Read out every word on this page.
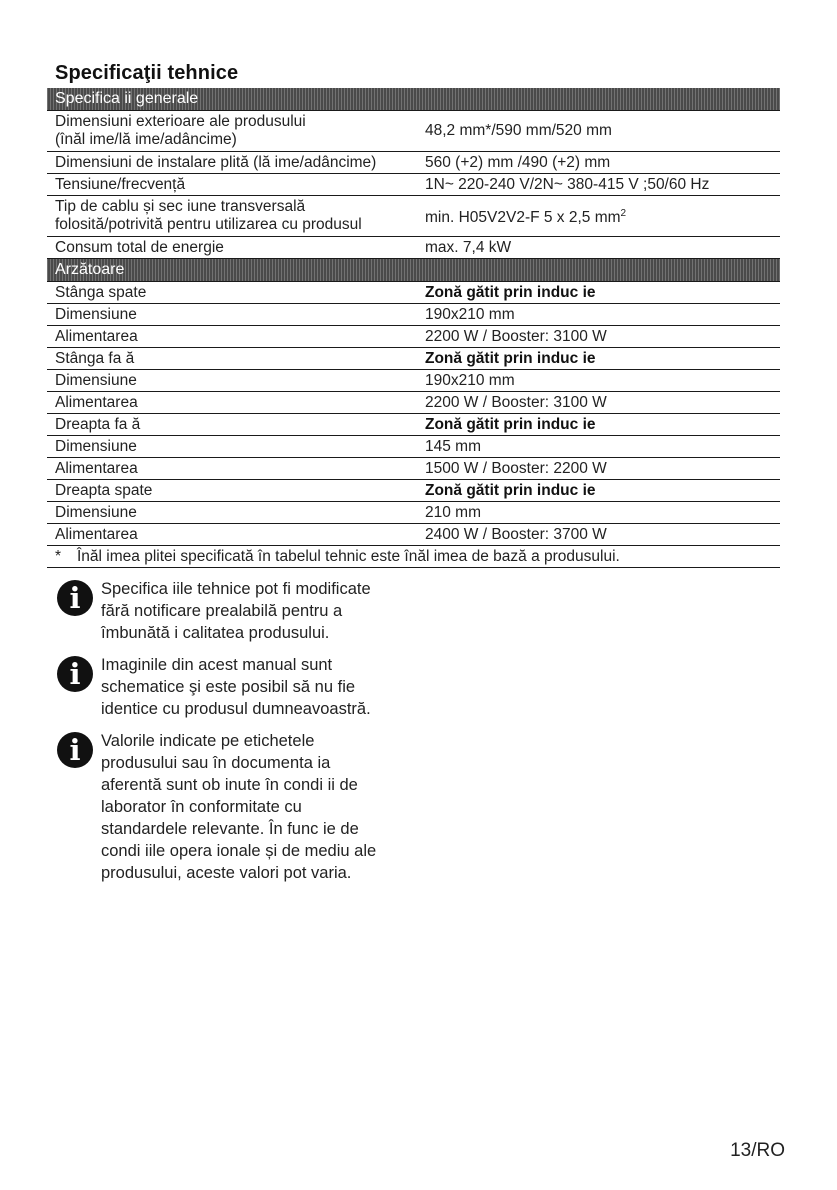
Specificaţii tehnice
Specifica ii generale	

Dimensiuni exterioare ale produsului
(înăl ime/lă ime/adâncime)	48,2 mm*/590 mm/520 mm
Dimensiuni de instalare plită (lă ime/adâncime)	560 (+2) mm /490 (+2) mm
Tensiune/frecvență	1N~ 220-240 V/2N~ 380-415 V ;50/60 Hz

Tip de cablu și sec iune transversală
folosită/potrivită pentru utilizarea cu produsul	min. H05V2V2-F 5 x 2,5 $mm^2$
Consum total de energie	max. 7,4 kW
Arzătoare	
Stânga spate	Zonă gătit prin induc ie
Dimensiune	190x210 mm
Alimentarea	2200 W / Booster: 3100 W
Stânga fa ă	Zonă gătit prin induc ie
Dimensiune	190x210 mm
Alimentarea	2200 W / Booster: 3100 W
Dreapta fa ă	Zonă gătit prin induc ie
Dimensiune	145 mm
Alimentarea	1500 W / Booster: 2200 W
Dreapta spate	Zonă gătit prin induc ie
Dimensiune	210 mm
Alimentarea	2400 W / Booster: 3700 W
* Înăl imea plitei specificată în tabelul tehnic este înăl imea de bază a produsului.	
i	Specifica iile tehnice pot fi modificate
fără notificare prealabilă pentru a
îmbunătă i calitatea produsului.
i	Imaginile din acest manual sunt
schematice şi este posibil să nu fie
identice cu produsul dumneavoastră.
i	Valorile indicate pe etichetele
produsului sau în documenta ia
aferentă sunt ob inute în condi ii de
laborator în conformitate cu
standardele relevante. În func ie de
condi iile opera ionale și de mediu ale
produsului, aceste valori pot varia.
13/RO
